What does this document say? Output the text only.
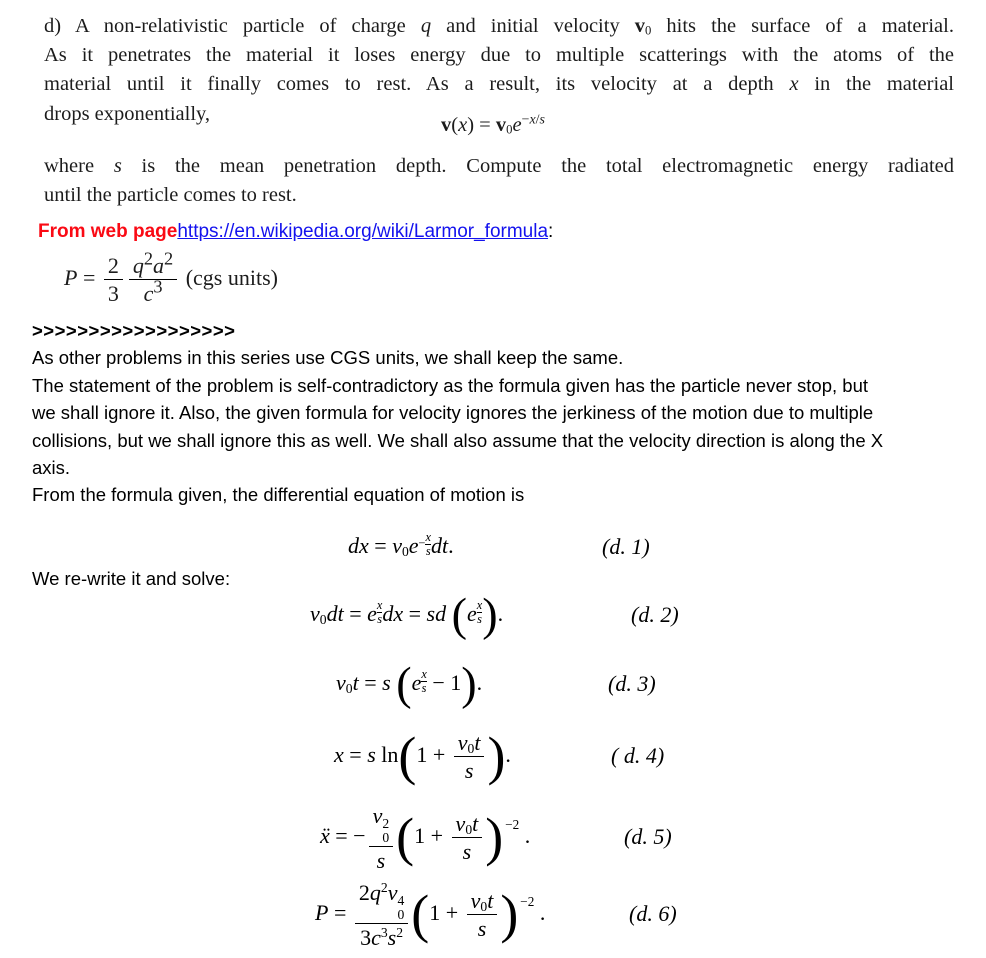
d) A non-relativistic particle of charge q and initial velocity $v_0$ hits the surface of a material.
As it penetrates the material it loses energy due to multiple scatterings with the atoms of the
material until it finally comes to rest. As a result, its velocity at a depth x in the material
drops exponentially,
$v(x) = v_0e^{-x/s}$
where s is the mean penetration depth. Compute the total electromagnetic energy radiated
until the particle comes to rest.
From web pagehttps://en.wikipedia.org/wiki/Larmor_formula:
$P = \frac{2}{3} \frac{q^2a^2}{c^3} (cgs$ units)
>>>>>>>>>>>>>>>>>>
As other problems in this series use CGS units, we shall keep the same.
The statement of the problem is self-contradictory as the formula given has the particle never stop, but
we shall ignore it. Also, the given formula for velocity ignores the jerkiness of the motion due to multiple
collisions, but we shall ignore this as well. We shall also assume that the velocity direction is along the X
axis.
From the formula given, the differential equation of motion is
We re-write it and solve:
dx = $v_0e^{- \frac{x}{s}}$ dt.	(d. 1)
$v_0dt = e$ $^{\frac{x}{s}}$ dx = sd (e $^{\frac{x}{s}}$ ).	(d. 2)
$v_0t = s$ (e $^{\frac{x}{s}}$ − 1).	(d. 3)
x = s $\ln(1 + \frac{v_0t}{s}$ ).	( d. 4)
ẍ = − v 2
0
s ($1 + \frac{v_0t}{s}$ ) $^{-2}$ .	(d. 5)
$P = 2q^2v$ 4
0
$3c^3s^2$ ($1 + \frac{v_0t}{s}$ ) $^{-2}$ .	(d. 6)
